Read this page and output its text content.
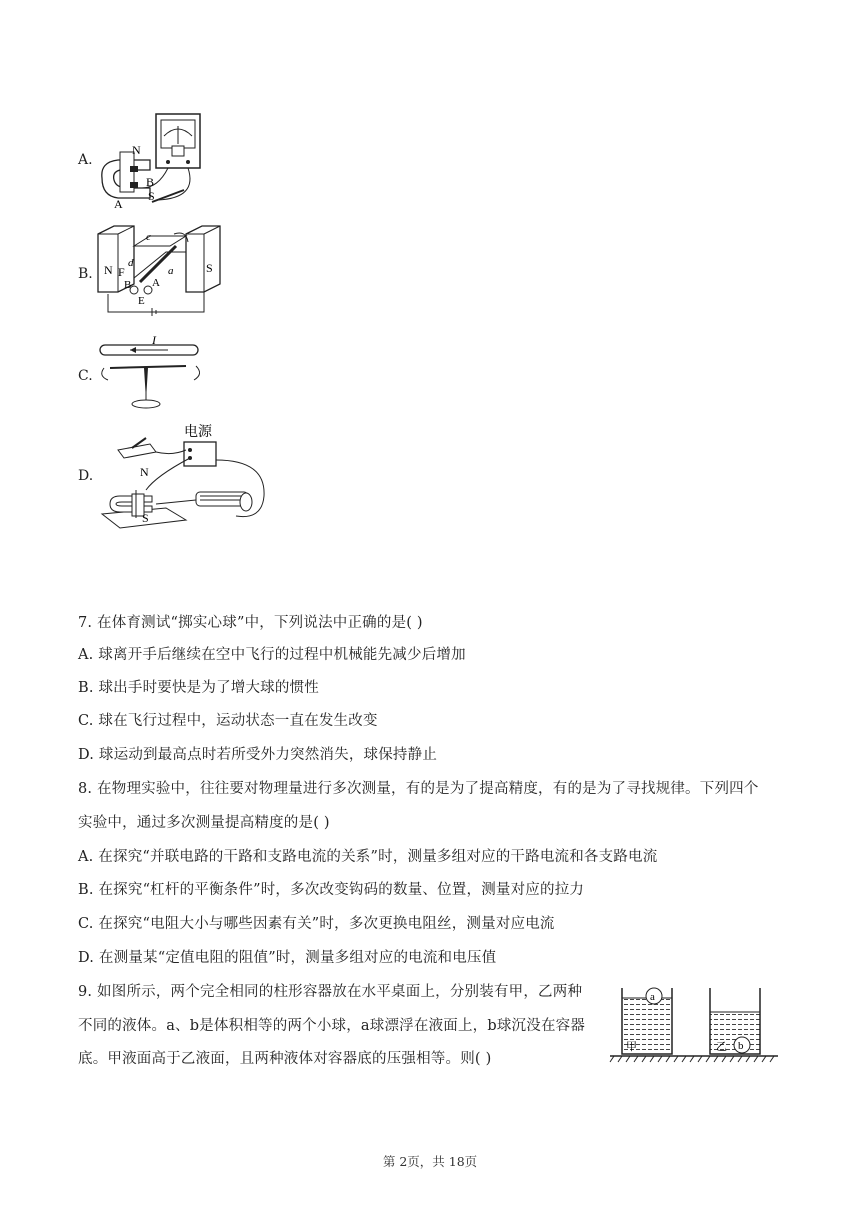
A.
N
B
A
S
B. N
c
d
F	a	S
B A
E
C.
I
D.
电源
N
S
7. 在体育测试“掷实心球”中，下列说法中正确的是( )
A. 球离开手后继续在空中飞行的过程中机械能先减少后增加
B. 球出手时要快是为了增大球的惯性
C. 球在飞行过程中，运动状态一直在发生改变
D. 球运动到最高点时若所受外力突然消失，球保持静止
8. 在物理实验中，往往要对物理量进行多次测量，有的是为了提高精度，有的是为了寻找规律。下列四个
实验中，通过多次测量提高精度的是( )
A. 在探究“并联电路的干路和支路电流的关系”时，测量多组对应的干路电流和各支路电流
B. 在探究“杠杆的平衡条件”时，多次改变钩码的数量、位置，测量对应的拉力
C. 在探究“电阻大小与哪些因素有关”时，多次更换电阻丝，测量对应电流
D. 在测量某“定值电阻的阻值”时，测量多组对应的电流和电压值
9. 如图所示，两个完全相同的柱形容器放在水平桌面上，分别装有甲，乙两种
不同的液体。a、b是体积相等的两个小球，a球漂浮在液面上，b球沉没在容器
底。甲液面高于乙液面，且两种液体对容器底的压强相等。则( )
a
甲	b
乙
第 2页，共 18页
